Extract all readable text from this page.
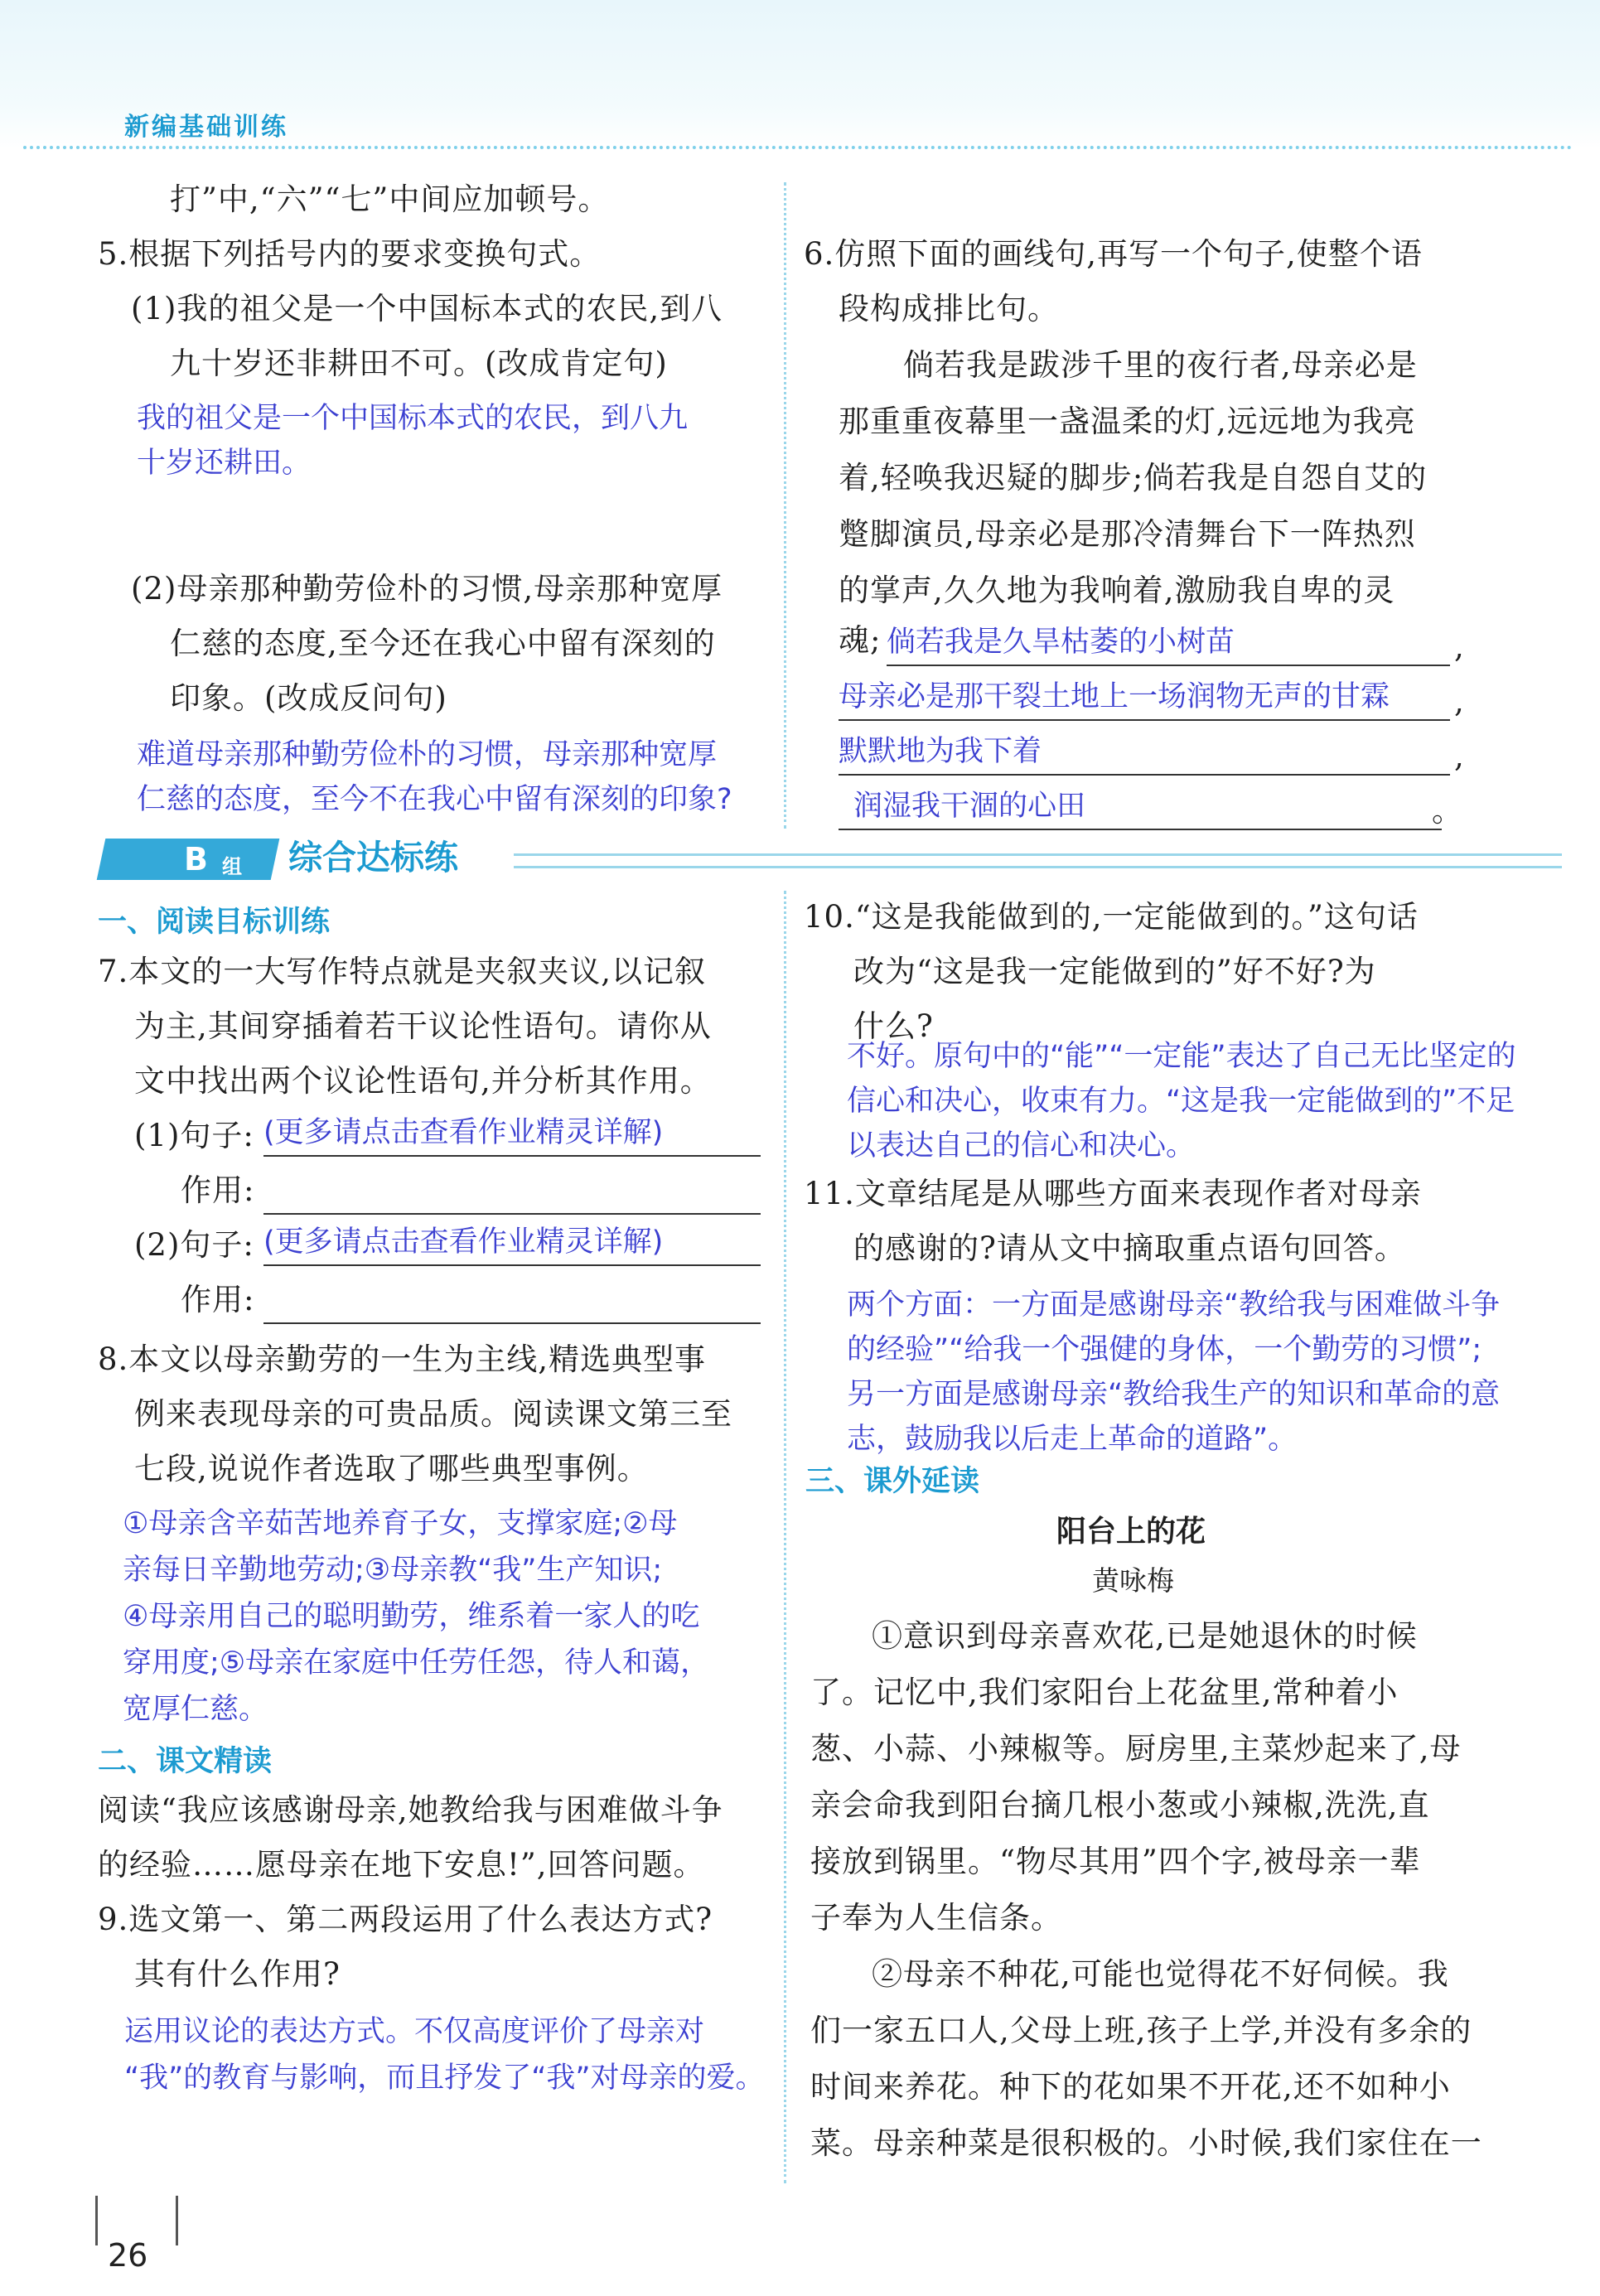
新编基础训练
打”中,“六”“七”中间应加顿号。
5.根据下列括号内的要求变换句式。
(1)我的祖父是一个中国标本式的农民,到八
九十岁还非耕田不可。(改成肯定句)
我的祖父是一个中国标本式的农民，到八九
十岁还耕田。
(2)母亲那种勤劳俭朴的习惯,母亲那种宽厚
仁慈的态度,至今还在我心中留有深刻的
印象。(改成反问句)
难道母亲那种勤劳俭朴的习惯，母亲那种宽厚
仁慈的态度，至今不在我心中留有深刻的印象?
6.仿照下面的画线句,再写一个句子,使整个语
段构成排比句。
倘若我是跋涉千里的夜行者,母亲必是
那重重夜幕里一盏温柔的灯,远远地为我亮
着,轻唤我迟疑的脚步;倘若我是自怨自艾的
蹩脚演员,母亲必是那冷清舞台下一阵热烈
的掌声,久久地为我响着,激励我自卑的灵
魂; 倘若我是久旱枯萎的小树苗	,
母亲必是那干裂土地上一场润物无声的甘霖	,
默默地为我下着	,
润湿我干涸的心田	。
B 组 综合达标练
一、阅读目标训练
7.本文的一大写作特点就是夹叙夹议,以记叙
为主,其间穿插着若干议论性语句。请你从
文中找出两个议论性语句,并分析其作用。
(1)句子: (更多请点击查看作业精灵详解)
作用:
(2)句子: (更多请点击查看作业精灵详解)
作用:
8.本文以母亲勤劳的一生为主线,精选典型事
例来表现母亲的可贵品质。阅读课文第三至
七段,说说作者选取了哪些典型事例。
①母亲含辛茹苦地养育子女，支撑家庭;②母
亲每日辛勤地劳动;③母亲教“我”生产知识;
④母亲用自己的聪明勤劳，维系着一家人的吃
穿用度;⑤母亲在家庭中任劳任怨，待人和蔼，
宽厚仁慈。
二、课文精读
阅读“我应该感谢母亲,她教给我与困难做斗争
的经验……愿母亲在地下安息!”,回答问题。
9.选文第一、第二两段运用了什么表达方式?
其有什么作用?
运用议论的表达方式。不仅高度评价了母亲对
“我”的教育与影响，而且抒发了“我”对母亲的爱。
10.“这是我能做到的,一定能做到的。”这句话
改为“这是我一定能做到的”好不好?为
什么?
不好。原句中的“能”“一定能”表达了自己无比坚定的
信心和决心，收束有力。“这是我一定能做到的”不足
以表达自己的信心和决心。
11.文章结尾是从哪些方面来表现作者对母亲
的感谢的?请从文中摘取重点语句回答。
两个方面：一方面是感谢母亲“教给我与困难做斗争
的经验”“给我一个强健的身体，一个勤劳的习惯”;
另一方面是感谢母亲“教给我生产的知识和革命的意
志，鼓励我以后走上革命的道路”。
三、课外延读
阳台上的花
黄咏梅
①意识到母亲喜欢花,已是她退休的时候
了。记忆中,我们家阳台上花盆里,常种着小
葱、小蒜、小辣椒等。厨房里,主菜炒起来了,母
亲会命我到阳台摘几根小葱或小辣椒,洗洗,直
接放到锅里。“物尽其用”四个字,被母亲一辈
子奉为人生信条。
②母亲不种花,可能也觉得花不好伺候。我
们一家五口人,父母上班,孩子上学,并没有多余的
时间来养花。种下的花如果不开花,还不如种小
菜。母亲种菜是很积极的。小时候,我们家住在一
26
